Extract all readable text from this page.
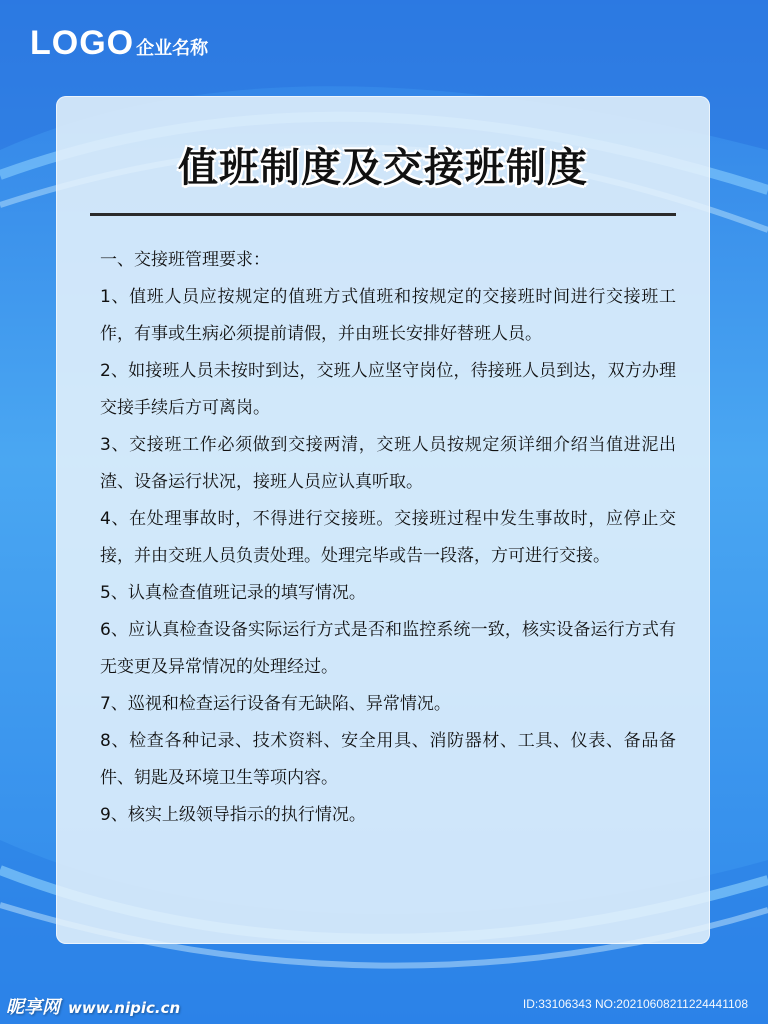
LOGO 企业名称
值班制度及交接班制度

一、交接班管理要求：

1、值班人员应按规定的值班方式值班和按规定的交接班时间进行交接班工作，有事或生病必须提前请假，并由班长安排好替班人员。

2、如接班人员未按时到达，交班人应坚守岗位，待接班人员到达，双方办理交接手续后方可离岗。

3、交接班工作必须做到交接两清，交班人员按规定须详细介绍当值进泥出渣、设备运行状况，接班人员应认真听取。

4、在处理事故时，不得进行交接班。交接班过程中发生事故时，应停止交接，并由交班人员负责处理。处理完毕或告一段落，方可进行交接。

5、认真检查值班记录的填写情况。

6、应认真检查设备实际运行方式是否和监控系统一致，核实设备运行方式有无变更及异常情况的处理经过。

7、巡视和检查运行设备有无缺陷、异常情况。

8、检查各种记录、技术资料、安全用具、消防器材、工具、仪表、备品备件、钥匙及环境卫生等项内容。

9、核实上级领导指示的执行情况。

昵享网 www.nipic.cn	ID:33106343 NO:20210608211224441108
